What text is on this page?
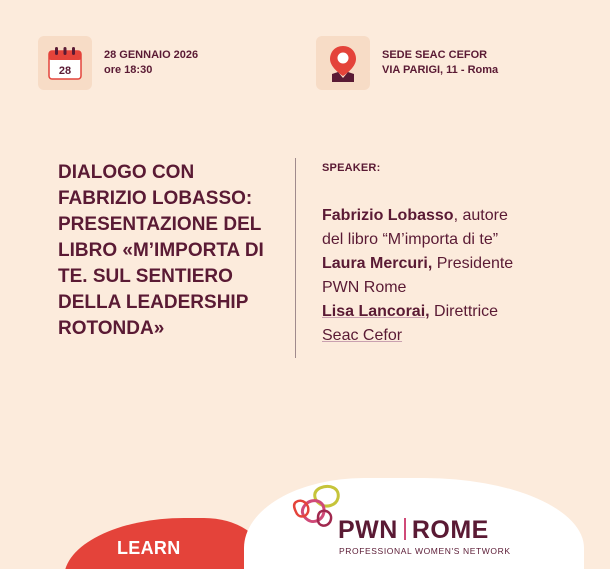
28
28 GENNAIO 2026
ore 18:30
SEDE SEAC CEFOR
VIA PARIGI, 11 - Roma
DIALOGO CON
FABRIZIO LOBASSO:
PRESENTAZIONE DEL
LIBRO «M’IMPORTA DI
TE. SUL SENTIERO
DELLA LEADERSHIP
ROTONDA»
SPEAKER:
Fabrizio Lobasso, autore
del libro “M’importa di te”
Laura Mercuri, Presidente
PWN Rome
Lisa Lancorai, Direttrice
Seac Cefor
LEARN
PWN ROME
PROFESSIONAL WOMEN'S NETWORK
